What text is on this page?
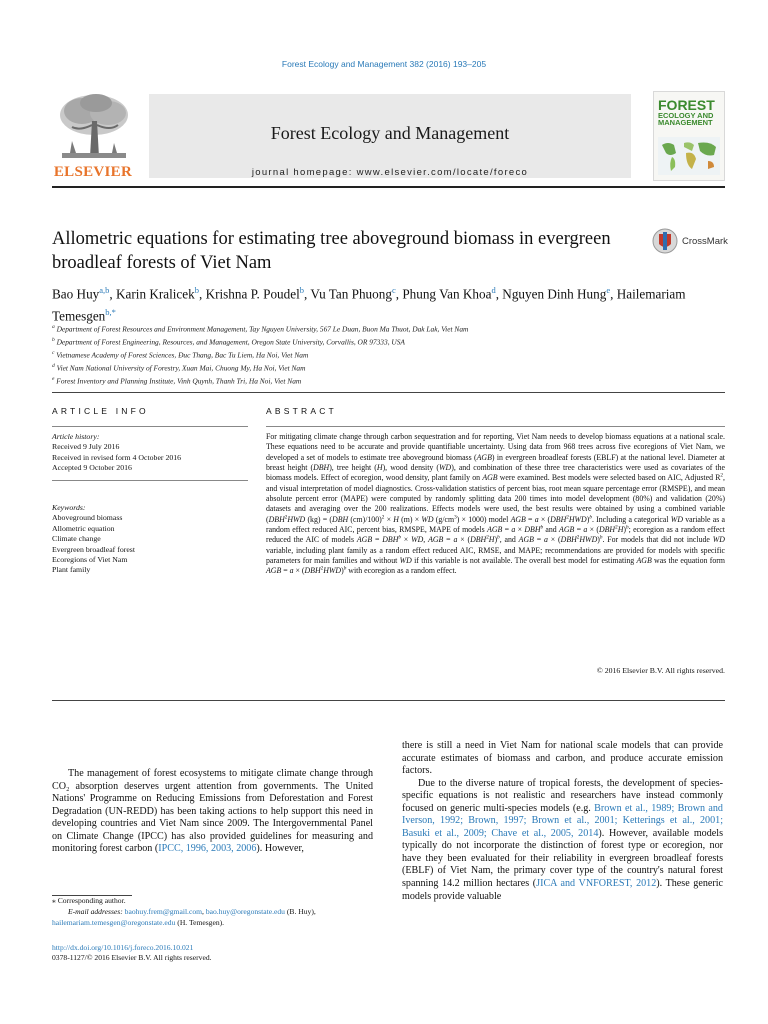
Forest Ecology and Management 382 (2016) 193–205
ELSEVIER
Forest Ecology and Management
journal homepage: www.elsevier.com/locate/foreco
FOREST
ECOLOGY AND
MANAGEMENT
Allometric equations for estimating tree aboveground biomass in evergreen broadleaf forests of Viet Nam
CrossMark
Bao Huy$^{a,b}$, Karin Kralicek$^b$, Krishna P. Poudel$^b$, Vu Tan Phuong$^c$, Phung Van Khoa$^d$, Nguyen Dinh Hung$^e$, Hailemariam Temesgen$^{b,*}$
$^a$ Department of Forest Resources and Environment Management, Tay Nguyen University, 567 Le Duan, Buon Ma Thuot, Dak Lak, Viet Nam
$^b$ Department of Forest Engineering, Resources, and Management, Oregon State University, Corvallis, OR 97333, USA
$^c$ Vietnamese Academy of Forest Sciences, Đuc Thang, Bac Tu Liem, Ha Noi, Viet Nam
$^d$ Viet Nam National University of Forestry, Xuan Mai, Chuong My, Ha Noi, Viet Nam
$^e$ Forest Inventory and Planning Institute, Vinh Quynh, Thanh Tri, Ha Noi, Viet Nam
ARTICLE INFO	ABSTRACT
Article history:
Received 9 July 2016
Received in revised form 4 October 2016
Accepted 9 October 2016
Keywords:
Aboveground biomass
Allometric equation
Climate change
Evergreen broadleaf forest
Ecoregions of Viet Nam
Plant family

For mitigating climate change through carbon sequestration and for reporting, Viet Nam needs to develop biomass equations at a national scale. These equations need to be accurate and provide quantifiable uncertainty. Using data from 968 trees across five ecoregions of Viet Nam, we developed a set of models to estimate tree aboveground biomass (AGB) in evergreen broadleaf forests (EBLF) at the national level. Diameter at breast height (DBH), tree height (H), wood density (WD), and combination of these three tree characteristics were used as covariates of the biomass models. Effect of ecoregion, wood density, plant family on AGB were examined. Best models were selected based on AIC, Adjusted $R^2$, and visual interpretation of model diagnostics. Cross-validation statistics of percent bias, root mean square percentage error (RMSPE), and mean absolute percent error (MAPE) were computed by randomly splitting data 200 times into model development (80%) and validation (20%) datasets and averaging over the 200 realizations. Effects models were used, the best results were obtained by using a combined variable (DBH$^2$HWD (kg) = (DBH (cm)/100)$^2$ × H (m) × WD $(g/cm^3) \times 1000$) model AGB = $a \times (DBH^2HWD)^b$. Including a categorical WD variable as a random effect reduced AIC, percent bias, RMSPE, MAPE of models AGB = $a \times DBH^b$ and AGB = $a \times (DBH^2H)^b$; ecoregion as a random effect reduced the AIC of models AGB = $DBH^b$ × WD, AGB = $a \times (DBH^2H)^b$, and AGB = $a \times (DBH^2HWD)^b$. For models that did not include WD variable, including plant family as a random effect reduced AIC, RMSE, and MAPE; recommendations are provided for models with specific parameters for main families and without WD if this variable is not available. The overall best model for estimating AGB was the equation form AGB = $a \times (DBH^2HWD)^b$ with ecoregion as a random effect.

© 2016 Elsevier B.V. All rights reserved.

The management of forest ecosystems to mitigate climate change through CO₂ absorption deserves urgent attention from governments. The United Nations' Programme on Reducing Emissions from Deforestation and Forest Degradation (UN-REDD) has been taking actions to help support this need in developing countries and Viet Nam since 2009. The Intergovernmental Panel on Climate Change (IPCC) has also provided guidelines for measuring and monitoring forest carbon (IPCC, 1996, 2003, 2006). However,

there is still a need in Viet Nam for national scale models that can provide accurate estimates of biomass and carbon, and produce accurate emission factors.

Due to the diverse nature of tropical forests, the development of species-specific equations is not realistic and researchers have instead commonly focused on generic multi-species models (e.g. Brown et al., 1989; Brown and Iverson, 1992; Brown, 1997; Brown et al., 2001; Ketterings et al., 2001; Basuki et al., 2009; Chave et al., 2005, 2014). However, available models typically do not incorporate the distinction of forest type or ecoregion, nor have they been evaluated for their reliability in evergreen broadleaf forests (EBLF) of Viet Nam, the primary cover type of the country's natural forest spanning 14.2 million hectares (JICA and VNFOREST, 2012). These generic models provide valuable

⁎ Corresponding author.
E-mail addresses: baohuy.frem@gmail.com, bao.huy@oregonstate.edu (B. Huy),
hailemariam.temesgen@oregonstate.edu (H. Temesgen).
http://dx.doi.org/10.1016/j.foreco.2016.10.021
0378-1127/© 2016 Elsevier B.V. All rights reserved.
